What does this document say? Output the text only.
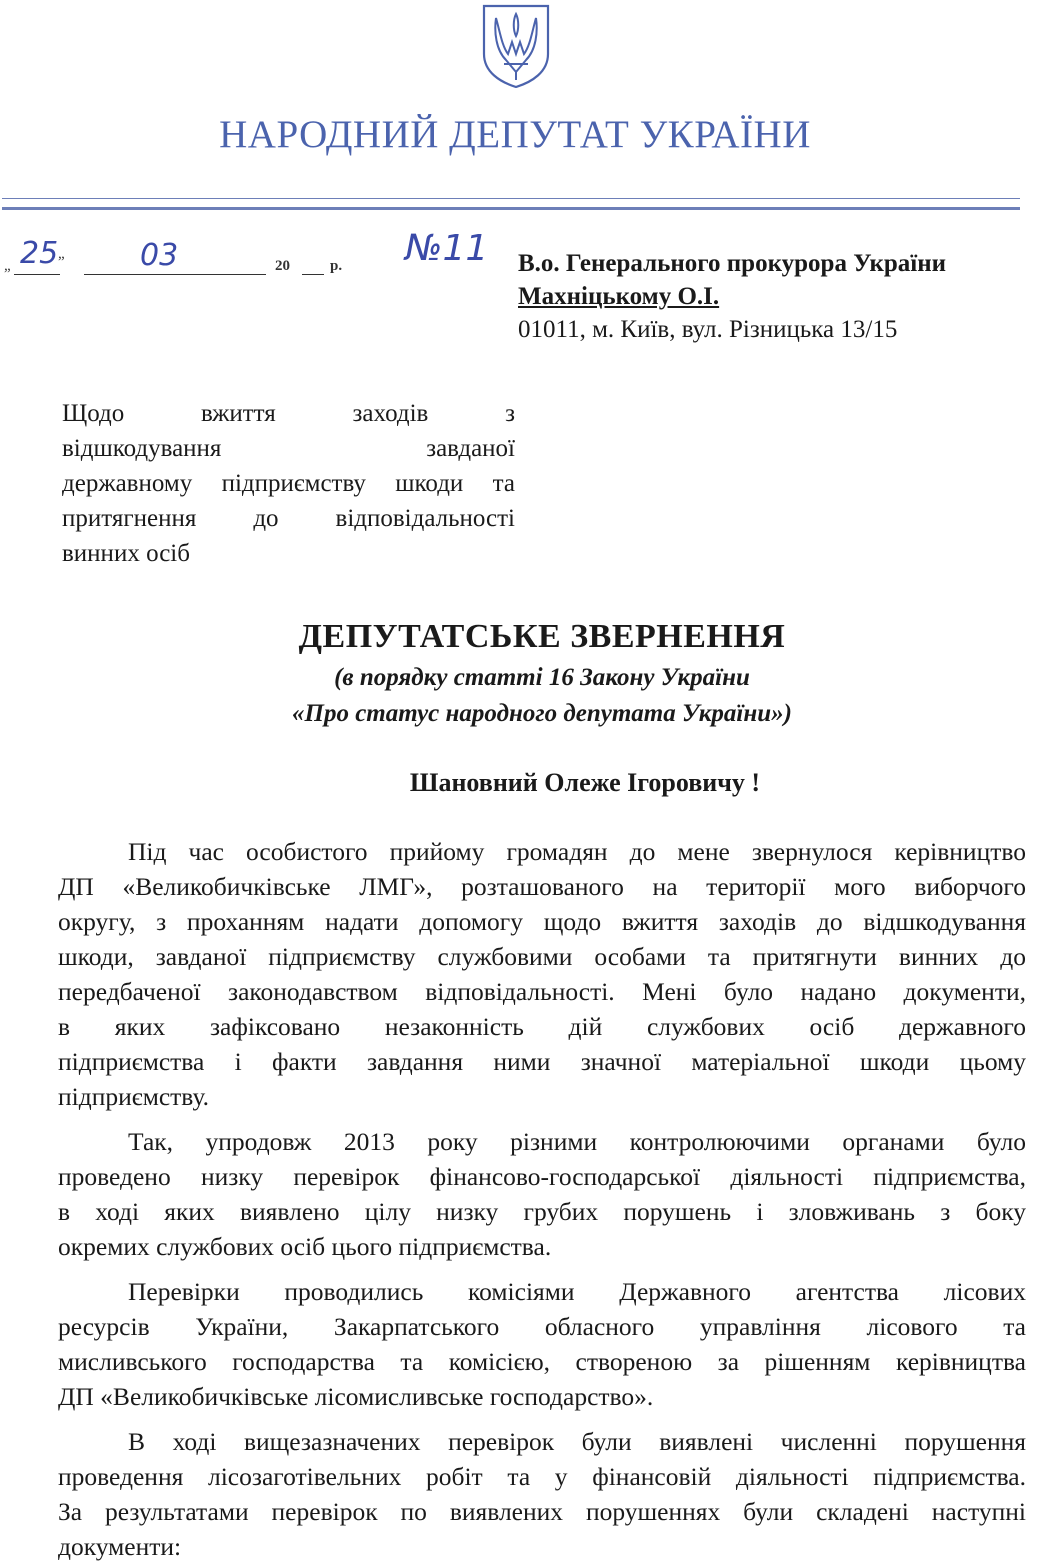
НАРОДНИЙ ДЕПУТАТ УКРАЇНИ
„ 25 ”	03	20	р. №11 В.о. Генерального прокурора України
Махніцькому О.І.
01011, м. Київ, вул. Різницька 13/15
Щодо вжиття заходів з
відшкодування завданої
державному підприємству шкоди та
притягнення до відповідальності
винних осіб
ДЕПУТАТСЬКЕ ЗВЕРНЕННЯ
(в порядку статті 16 Закону України
«Про статус народного депутата України»)
Шановний Олеже Ігоровичу !
Під час особистого прийому громадян до мене звернулося керівництво
ДП «Великобичківське ЛМГ», розташованого на території мого виборчого
округу, з проханням надати допомогу щодо вжиття заходів до відшкодування
шкоди, завданої підприємству службовими особами та притягнути винних до
передбаченої законодавством відповідальності. Мені було надано документи,
в яких зафіксовано незаконність дій службових осіб державного
підприємства і факти завдання ними значної матеріальної шкоди цьому
підприємству.
Так, упродовж 2013 року різними контролюючими органами було
проведено низку перевірок фінансово-господарської діяльності підприємства,
в ході яких виявлено цілу низку грубих порушень і зловживань з боку
окремих службових осіб цього підприємства.
Перевірки проводились комісіями Державного агентства лісових
ресурсів України, Закарпатського обласного управління лісового та
мисливського господарства та комісією, створеною за рішенням керівництва
ДП «Великобичківське лісомисливське господарство».
В ході вищезазначених перевірок були виявлені численні порушення
проведення лісозаготівельних робіт та у фінансовій діяльності підприємства.
За результатами перевірок по виявлених порушеннях були складені наступні
документи:
